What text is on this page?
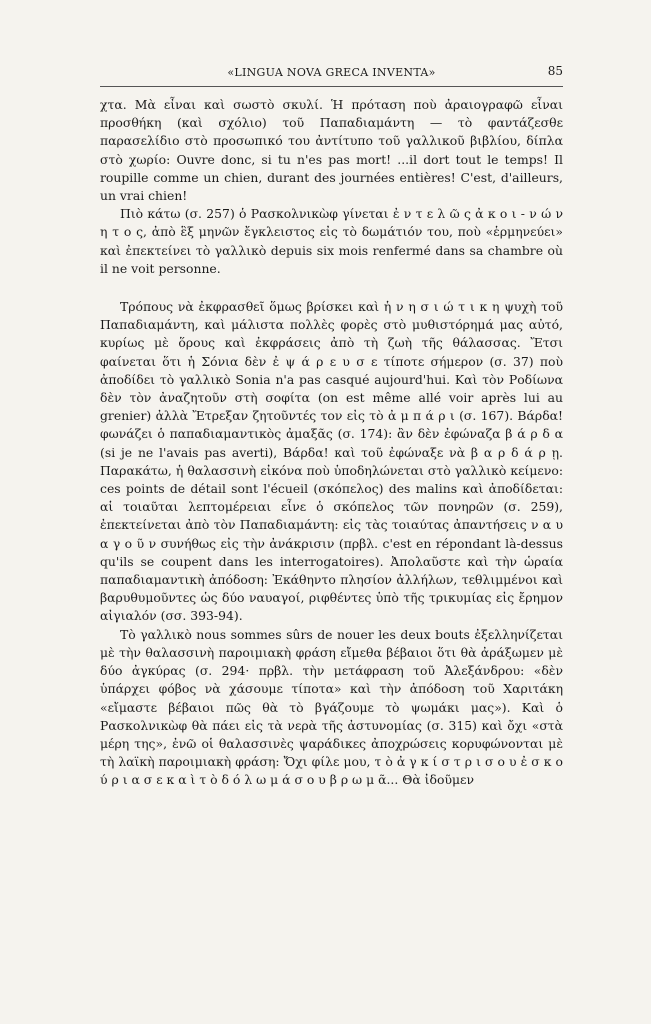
«LINGUA NOVA GRECA INVENTA»	85

χτα. Μὰ εἶναι καὶ σωστὸ σκυλί. Ἡ πρόταση ποὺ ἀραιογραφῶ εἶναι προσθήκη (καὶ σχόλιο) τοῦ Παπαδιαμάντη — τὸ φαντάζεσθε παρασελίδιο στὸ προσωπικό του ἀντίτυπο τοῦ γαλλικοῦ βιβλίου, δίπλα στὸ χωρίο: Ouvre donc, si tu n'es pas mort! ...il dort tout le temps! Il roupille comme un chien, durant des journées entières! C'est, d'ailleurs, un vrai chien!

Πιὸ κάτω (σ. 257) ὁ Ρασκολνικὼφ γίνεται ἐ ν τ ε λ ῶ ς ἀ κ ο ι - ν ώ ν η τ ο ς, ἀπὸ ἓξ μηνῶν ἔγκλειστος εἰς τὸ δωμάτιόν του, ποὺ «ἑρμηνεύει» καὶ ἐπεκτείνει τὸ γαλλικὸ depuis six mois renfermé dans sa chambre où il ne voit personne.

Τρόπους νὰ ἐκφρασθεῖ ὅμως βρίσκει καὶ ἡ ν η σ ι ώ τ ι κ η ψυχὴ τοῦ Παπαδιαμάντη, καὶ μάλιστα πολλὲς φορὲς στὸ μυθιστόρημά μας αὐτό, κυρίως μὲ ὅρους καὶ ἐκφράσεις ἀπὸ τὴ ζωὴ τῆς θάλασσας. Ἔτσι φαίνεται ὅτι ἡ Σόνια δὲν ἐ ψ ά ρ ε υ σ ε τίποτε σήμερον (σ. 37) ποὺ ἀποδίδει τὸ γαλλικὸ Sonia n'a pas casqué aujourd'hui. Καὶ τὸν Ροδίωνα δὲν τὸν ἀναζητοῦν στὴ σοφίτα (on est même allé voir après lui au grenier) ἀλλὰ Ἔτρεξαν ζητοῦντές τον εἰς τὸ ἀ μ π ά ρ ι (σ. 167). Βάρδα! φωνάζει ὁ παπαδιαμαντικὸς ἀμαξᾶς (σ. 174): ἂν δὲν ἐφώναζα β ά ρ δ α (si je ne l'avais pas averti), Βάρδα! καὶ τοῦ ἐφώναξε νὰ β α ρ δ ά ρ ῃ. Παρακάτω, ἡ θαλασσινὴ εἰκόνα ποὺ ὑποδηλώνεται στὸ γαλλικὸ κείμενο: ces points de détail sont l'écueil (σκόπελος) des malins καὶ ἀποδίδεται: αἱ τοιαῦται λεπτομέρειαι εἶνε ὁ σκόπελος τῶν πονηρῶν (σ. 259), ἐπεκτείνεται ἀπὸ τὸν Παπαδιαμάντη: εἰς τὰς τοιαύτας ἀπαντήσεις ν α υ α γ ο ῦ ν συνήθως εἰς τὴν ἀνάκρισιν (πρβλ. c'est en répondant là-dessus qu'ils se coupent dans les interrogatoires). Ἀπολαῦστε καὶ τὴν ὡραία παπαδιαμαντικὴ ἀπόδοση: Ἐκάθηντο πλησίον ἀλλήλων, τεθλιμμένοι καὶ βαρυθυμοῦντες ὡς δύο ναυαγοί, ριφθέντες ὑπὸ τῆς τρικυμίας εἰς ἔρημον αἰγιαλόν (σσ. 393-94).

Τὸ γαλλικὸ nous sommes sûrs de nouer les deux bouts ἐξελληνίζεται μὲ τὴν θαλασσινὴ παροιμιακὴ φράση εἴμεθα βέβαιοι ὅτι θὰ ἀράξωμεν μὲ δύο ἀγκύρας (σ. 294· πρβλ. τὴν μετάφραση τοῦ Ἀλεξάνδρου: «δὲν ὑπάρχει φόβος νὰ χάσουμε τίποτα» καὶ τὴν ἀπόδοση τοῦ Χαριτάκη «εἴμαστε βέβαιοι πῶς θὰ τὸ βγάζουμε τὸ ψωμάκι μας»). Καὶ ὁ Ρασκολνικὼφ θὰ πάει εἰς τὰ νερὰ τῆς ἀστυνομίας (σ. 315) καὶ ὄχι «στὰ μέρη της», ἐνῶ οἱ θαλασσινὲς ψαράδικες ἀποχρώσεις κορυφώνονται μὲ τὴ λαϊκὴ παροιμιακὴ φράση: Ὄχι φίλε μου, τ ὸ ἀ γ κ ί σ τ ρ ι σ ο υ ἐ σ κ ο ύ ρ ι α σ ε κ α ὶ τ ὸ δ ό λ ω μ ά σ ο υ β ρ ω μ ᾶ... Θὰ ἰδοῦμεν
